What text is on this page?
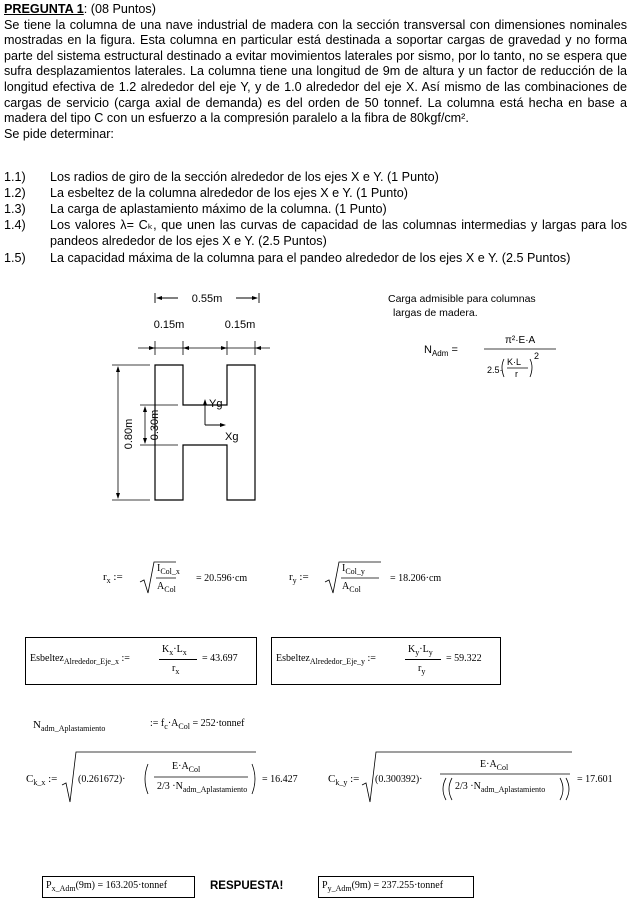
PREGUNTA 1: (08 Puntos)
Se tiene la columna de una nave industrial de madera con la sección transversal con dimensiones nominales mostradas en la figura. Esta columna en particular está destinada a soportar cargas de gravedad y no forma parte del sistema estructural destinado a evitar movimientos laterales por sismo, por lo tanto, no se espera que sufra desplazamientos laterales. La columna tiene una longitud de 9m de altura y un factor de reducción de la longitud efectiva de 1.2 alrededor del eje Y, y de 1.0 alrededor del eje X. Así mismo de las combinaciones de cargas de servicio (carga axial de demanda) es del orden de 50 tonnef. La columna está hecha en base a madera del tipo C con un esfuerzo a la compresión paralelo a la fibra de 80kgf/cm².
Se pide determinar:
1.1) Los radios de giro de la sección alrededor de los ejes X e Y. (1 Punto)
1.2) La esbeltez de la columna alrededor de los ejes X e Y. (1 Punto)
1.3) La carga de aplastamiento máximo de la columna. (1 Punto)
1.4) Los valores λ= Cₖ, que unen las curvas de capacidad de las columnas intermedias y largas para los pandeos alrededor de los ejes X e Y. (2.5 Puntos)
1.5) La capacidad máxima de la columna para el pandeo alrededor de los ejes X e Y. (2.5 Puntos)
0.55m
0.15m	0.15m
0.80m 0.30m
Yg
Xg
Carga admisible para columnas
largas de madera.
$N_{Adm}$ =
π²·E·A
2.5·
K·L
r
2
$r_x$ :=
$I_{Col\_x}$
$A_{Col}$
= 20.596·cm	$r_y$ :=
$I_{Col\_y}$
$A_{Col}$
= 18.206·cm
Esbeltez$_{Alrededor\_Eje\_x}$ :=
$K_x\cdot L_x$
$r_x$
= 43.697	Esbeltez$_{Alrededor\_Eje\_y}$ :=
$K_y\cdot L_y$
$r_y$
= 59.322
$N_{adm\_Aplastamiento}$	:= $f_c\cdot A_{Col}$ = 252·tonnef
$C_{k\_x}$ := (0.261672)·
$E\cdot A_{Col}$
$2/3 \cdot N_{adm\_Aplastamiento}$
= 16.427	$C_{k\_y}$ := (0.300392)·
$E\cdot A_{Col}$
$2/3 \cdot N_{adm\_Aplastamiento}$
= 17.601
$P_{x\_Adm}(9m)$ = 163.205·tonnef	RESPUESTA!	$P_{y\_Adm}(9m)$ = 237.255·tonnef
